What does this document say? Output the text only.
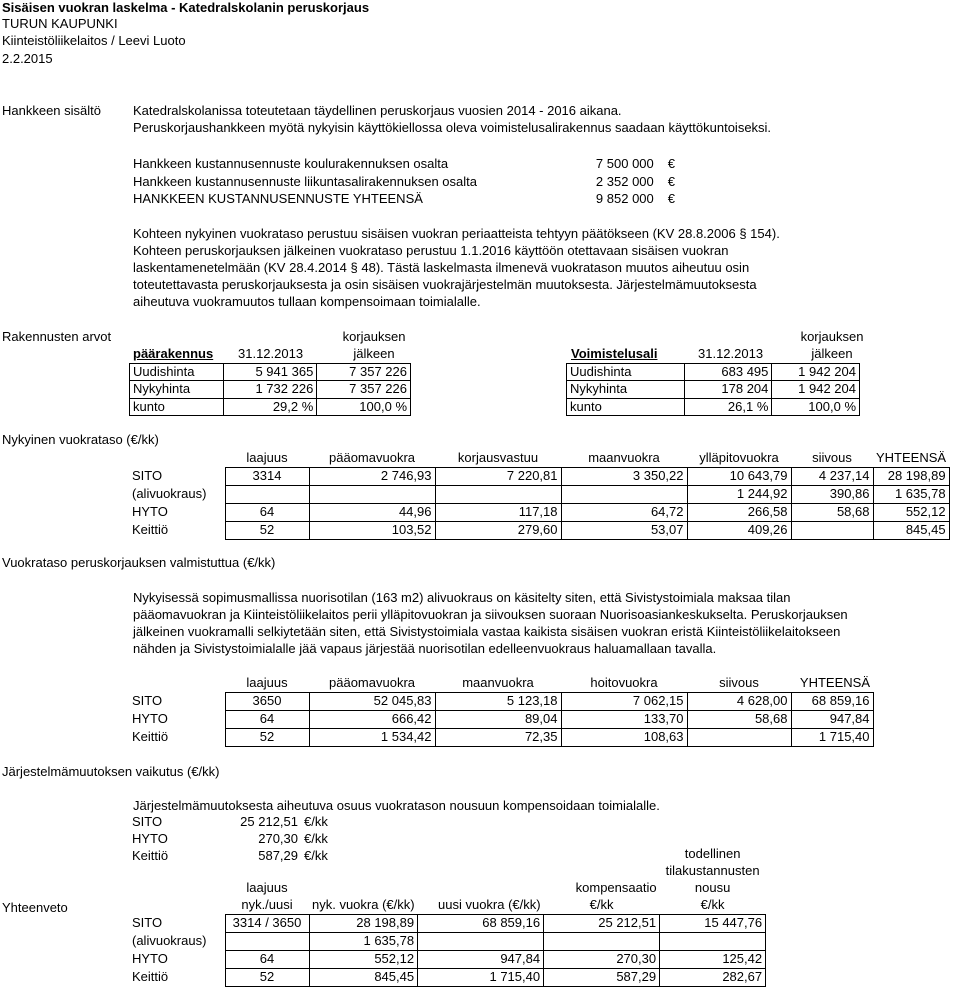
Sisäisen vuokran laskelma - Katedralskolanin peruskorjaus
TURUN KAUPUNKI
Kiinteistöliikelaitos / Leevi Luoto
2.2.2015
Hankkeen sisältö Katedralskolanissa toteutetaan täydellinen peruskorjaus vuosien 2014 - 2016 aikana.
Peruskorjaushankkeen myötä nykyisin käyttökiellossa oleva voimistelusalirakennus saadaan käyttökuntoiseksi.
Hankkeen kustannusennuste koulurakennuksen osalta	7 500 000 €
Hankkeen kustannusennuste liikuntasalirakennuksen osalta	2 352 000 €
HANKKEEN KUSTANNUSENNUSTE YHTEENSÄ	9 852 000 €
Kohteen nykyinen vuokrataso perustuu sisäisen vuokran periaatteista tehtyyn päätökseen (KV 28.8.2006 § 154).
Kohteen peruskorjauksen jälkeinen vuokrataso perustuu 1.1.2016 käyttöön otettavaan sisäisen vuokran
laskentamenetelmään (KV 28.4.2014 § 48). Tästä laskelmasta ilmenevä vuokratason muutos aiheutuu osin
toteutettavasta peruskorjauksesta ja osin sisäisen vuokrajärjestelmän muutoksesta. Järjestelmämuutoksesta
aiheutuva vuokramuutos tullaan kompensoimaan toimialalle.
Rakennusten arvot	korjauksen
päärakennus 31.12.2013	jälkeen
Uudishinta	5 941 365	7 357 226
Nykyhinta	1 732 226	7 357 226
kunto	29,2 %	100,0 %
korjauksen
Voimistelusali	31.12.2013	jälkeen
Uudishinta	683 495	1 942 204
Nykyhinta	178 204	1 942 204
kunto	26,1 %	100,0 %
Nykyinen vuokrataso (€/kk)
	laajuus	pääomavuokra	korjausvastuu	maanvuokra	ylläpitovuokra	siivous	YHTEENSÄ
SITO	3314	2 746,93	7 220,81	3 350,22	10 643,79	4 237,14	28 198,89
(alivuokraus)					1 244,92	390,86	1 635,78
HYTO	64	44,96	117,18	64,72	266,58	58,68	552,12
Keittiö	52	103,52	279,60	53,07	409,26		845,45
Vuokrataso peruskorjauksen valmistuttua (€/kk)
Nykyisessä sopimusmallissa nuorisotilan (163 m2) alivuokraus on käsitelty siten, että Sivistystoimiala maksaa tilan
pääomavuokran ja Kiinteistöliikelaitos perii ylläpitovuokran ja siivouksen suoraan Nuorisoasiankeskukselta. Peruskorjauksen
jälkeinen vuokramalli selkiytetään siten, että Sivistystoimiala vastaa kaikista sisäisen vuokran eristä Kiinteistöliikelaitokseen
nähden ja Sivistystoimialalle jää vapaus järjestää nuorisotilan edelleenvuokraus haluamallaan tavalla.
	laajuus	pääomavuokra	maanvuokra	hoitovuokra	siivous	YHTEENSÄ
SITO	3650	52 045,83	5 123,18	7 062,15	4 628,00	68 859,16
HYTO	64	666,42	89,04	133,70	58,68	947,84
Keittiö	52	1 534,42	72,35	108,63		1 715,40
Järjestelmämuutoksen vaikutus (€/kk)
Järjestelmämuutoksesta aiheutuva osuus vuokratason nousuun kompensoidaan toimialalle.
SITO	25 212,51	€/kk
HYTO	270,30	€/kk
Keittiö	587,29	€/kk
Yhteenveto
					todellinen
					tilakustannusten
	laajuus			kompensaatio	nousu
	nyk./uusi	nyk. vuokra (€/kk)	uusi vuokra (€/kk)	€/kk	€/kk
SITO	3314 / 3650	28 198,89	68 859,16	25 212,51	15 447,76
(alivuokraus)		1 635,78			
HYTO	64	552,12	947,84	270,30	125,42
Keittiö	52	845,45	1 715,40	587,29	282,67
